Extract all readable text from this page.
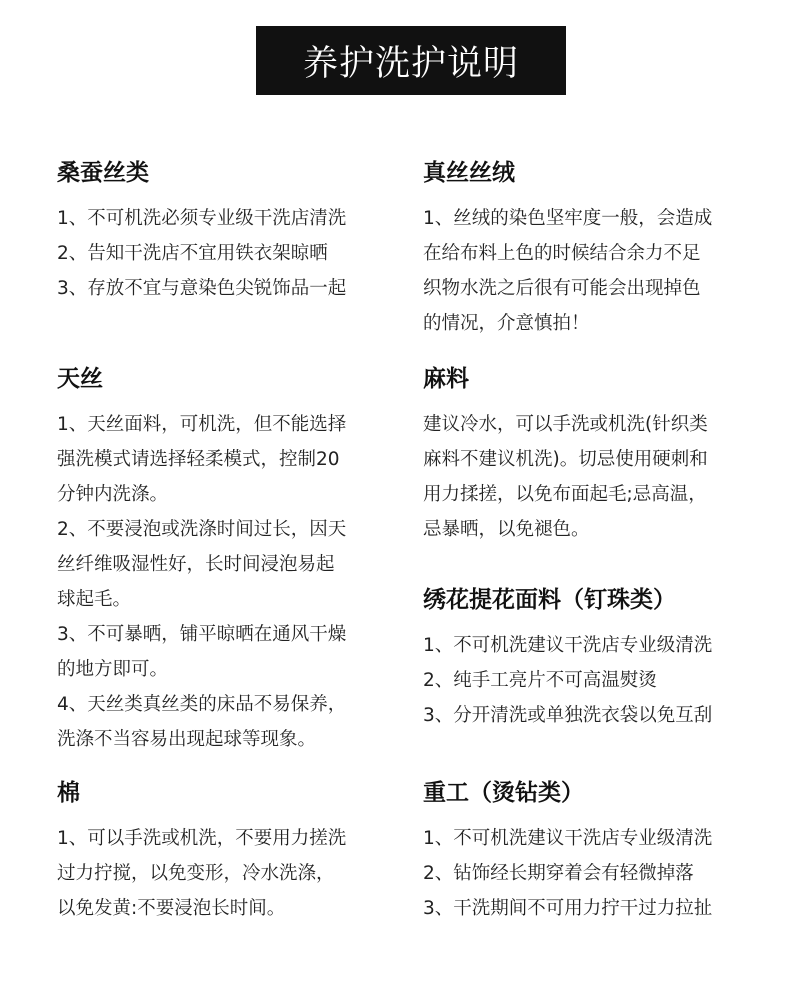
养护洗护说明
桑蚕丝类

1、不可机洗必须专业级干洗店清洗

2、告知干洗店不宜用铁衣架晾晒

3、存放不宜与意染色尖锐饰品一起

天丝

1、天丝面料，可机洗，但不能选择

强洗模式请选择轻柔模式，控制20

分钟内洗涤。

2、不要浸泡或洗涤时间过长，因天

丝纤维吸湿性好，长时间浸泡易起

球起毛。

3、不可暴晒，铺平晾晒在通风干燥

的地方即可。

4、天丝类真丝类的床品不易保养，

洗涤不当容易出现起球等现象。

棉

1、可以手洗或机洗，不要用力搓洗

过力拧搅，以免变形，冷水洗涤，

以免发黄:不要浸泡长时间。

真丝丝绒

1、丝绒的染色坚牢度一般，会造成

在给布料上色的时候结合余力不足

织物水洗之后很有可能会出现掉色

的情况，介意慎拍！

麻料

建议冷水，可以手洗或机洗(针织类

麻料不建议机洗)。切忌使用硬刺和

用力揉搓，以免布面起毛;忌高温，

忌暴晒，以免褪色。

绣花提花面料（钉珠类）

1、不可机洗建议干洗店专业级清洗

2、纯手工亮片不可高温熨烫

3、分开清洗或单独洗衣袋以免互刮

重工（烫钻类）

1、不可机洗建议干洗店专业级清洗

2、钻饰经长期穿着会有轻微掉落

3、干洗期间不可用力拧干过力拉扯
